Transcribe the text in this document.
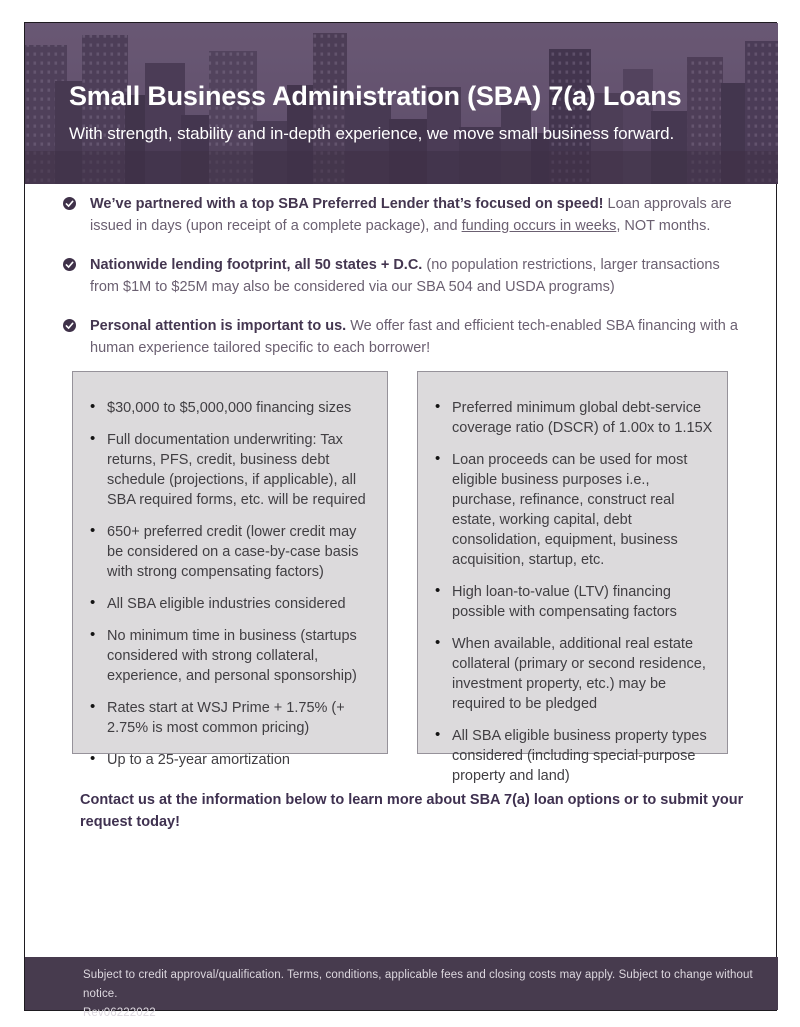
Small Business Administration (SBA) 7(a) Loans
With strength, stability and in-depth experience, we move small business forward.
We’ve partnered with a top SBA Preferred Lender that’s focused on speed! Loan approvals are issued in days (upon receipt of a complete package), and funding occurs in weeks, NOT months.
Nationwide lending footprint, all 50 states + D.C. (no population restrictions, larger transactions from $1M to $25M may also be considered via our SBA 504 and USDA programs)
Personal attention is important to us. We offer fast and efficient tech-enabled SBA financing with a human experience tailored specific to each borrower!
• $30,000 to $5,000,000 financing sizes
• Full documentation underwriting: Tax returns, PFS, credit, business debt schedule (projections, if applicable), all SBA required forms, etc. will be required
• 650+ preferred credit (lower credit may be considered on a case-by-case basis with strong compensating factors)
• All SBA eligible industries considered
• No minimum time in business (startups considered with strong collateral, experience, and personal sponsorship)
• Rates start at WSJ Prime + 1.75% (+ 2.75% is most common pricing)
• Up to a 25-year amortization
• Preferred minimum global debt-service coverage ratio (DSCR) of 1.00x to 1.15X
• Loan proceeds can be used for most eligible business purposes i.e., purchase, refinance, construct real estate, working capital, debt consolidation, equipment, business acquisition, startup, etc.
• High loan-to-value (LTV) financing possible with compensating factors
• When available, additional real estate collateral (primary or second residence, investment property, etc.) may be required to be pledged
• All SBA eligible business property types considered (including special-purpose property and land)
Contact us at the information below to learn more about SBA 7(a) loan options or to submit your request today!
Subject to credit approval/qualification. Terms, conditions, applicable fees and closing costs may apply. Subject to change without notice.
Rev06222022
